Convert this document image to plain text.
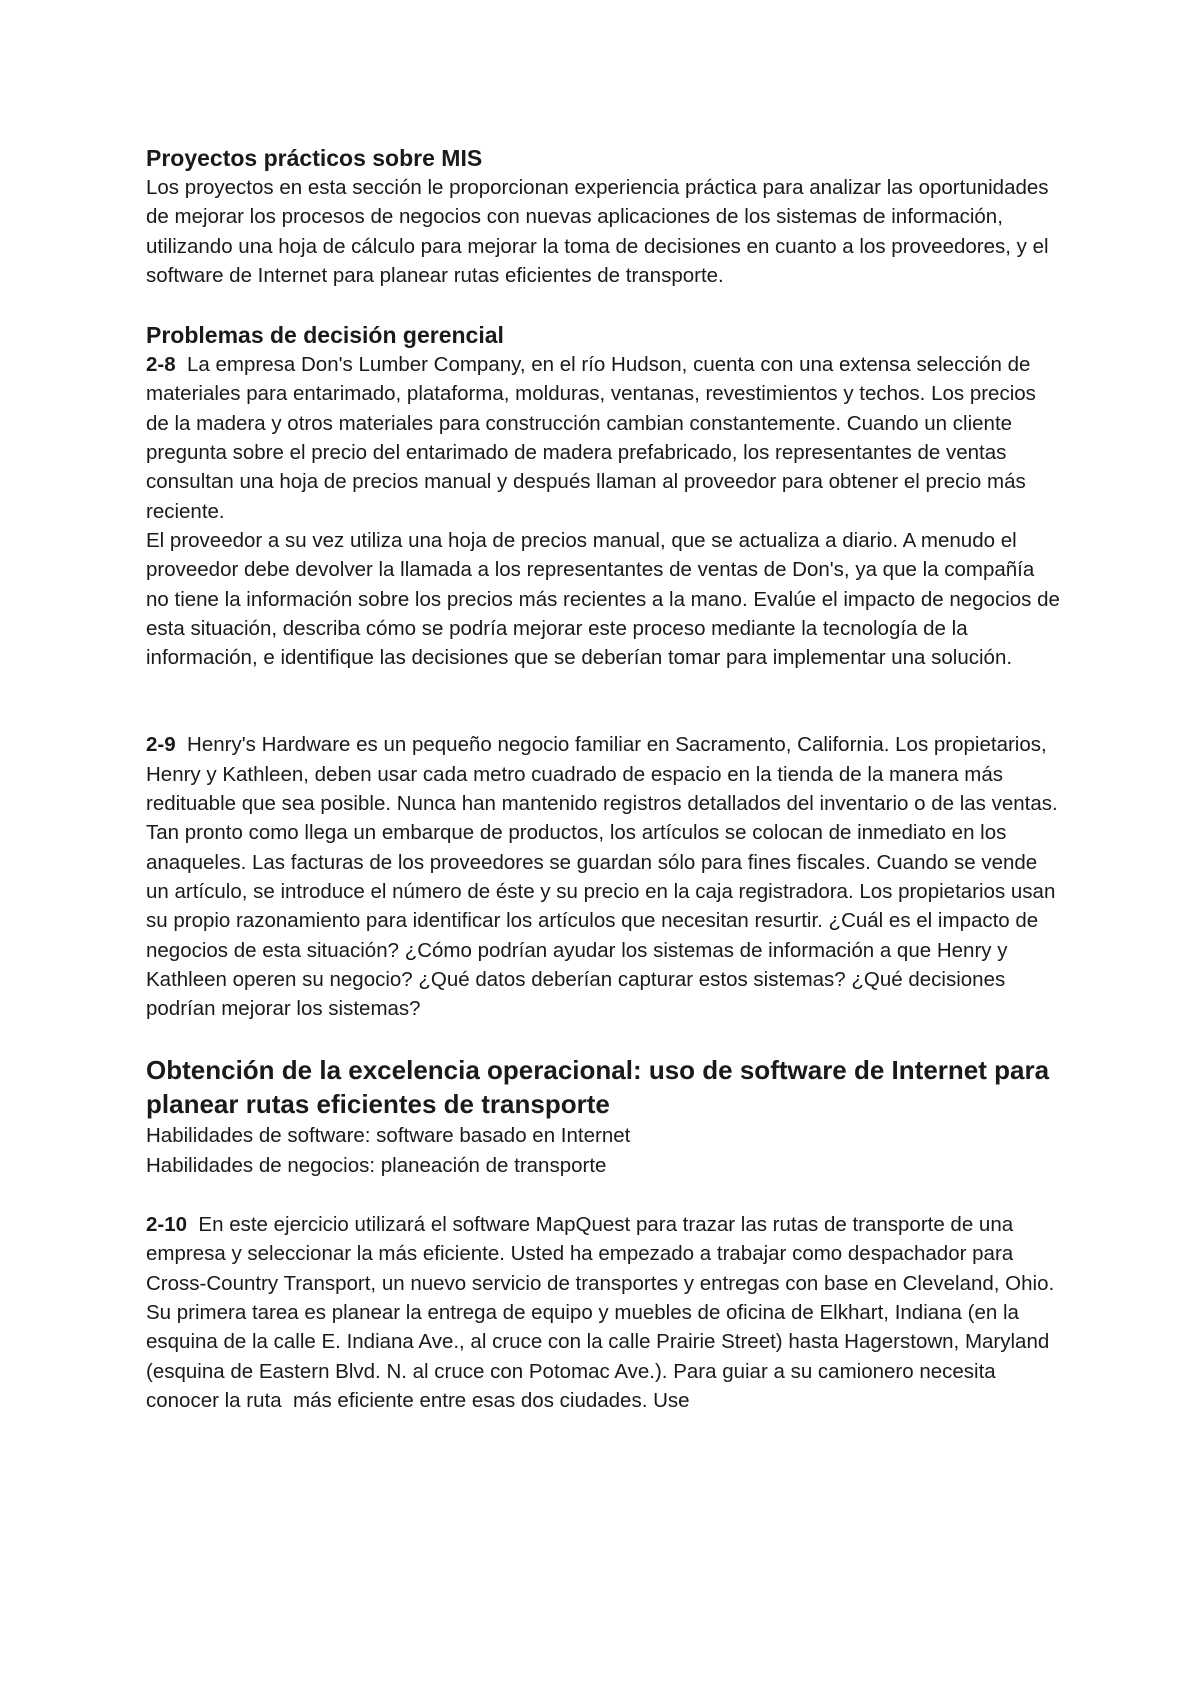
Proyectos prácticos sobre MIS

Los proyectos en esta sección le proporcionan experiencia práctica para analizar las oportunidades de mejorar los procesos de negocios con nuevas aplicaciones de los sistemas de información, utilizando una hoja de cálculo para mejorar la toma de decisiones en cuanto a los proveedores, y el software de Internet para planear rutas eficientes de transporte.

Problemas de decisión gerencial

2-8  La empresa Don's Lumber Company, en el río Hudson, cuenta con una extensa selección de materiales para entarimado, plataforma, molduras, ventanas, revestimientos y techos. Los precios de la madera y otros materiales para construcción cambian constantemente. Cuando un cliente pregunta sobre el precio del entarimado de madera prefabricado, los representantes de ventas consultan una hoja de precios manual y después llaman al proveedor para obtener el precio más reciente.

El proveedor a su vez utiliza una hoja de precios manual, que se actualiza a diario. A menudo el proveedor debe devolver la llamada a los representantes de ventas de Don's, ya que la compañía no tiene la información sobre los precios más recientes a la mano. Evalúe el impacto de negocios de esta situación, describa cómo se podría mejorar este proceso mediante la tecnología de la información, e identifique las decisiones que se deberían tomar para implementar una solución.

2-9  Henry's Hardware es un pequeño negocio familiar en Sacramento, California. Los propietarios, Henry y Kathleen, deben usar cada metro cuadrado de espacio en la tienda de la manera más redituable que sea posible. Nunca han mantenido registros detallados del inventario o de las ventas. Tan pronto como llega un embarque de productos, los artículos se colocan de inmediato en los anaqueles. Las facturas de los proveedores se guardan sólo para fines fiscales. Cuando se vende un artículo, se introduce el número de éste y su precio en la caja registradora. Los propietarios usan su propio razonamiento para identificar los artículos que necesitan resurtir. ¿Cuál es el impacto de negocios de esta situación? ¿Cómo podrían ayudar los sistemas de información a que Henry y Kathleen operen su negocio? ¿Qué datos deberían capturar estos sistemas? ¿Qué decisiones podrían mejorar los sistemas?

Obtención de la excelencia operacional: uso de software de Internet para planear rutas eficientes de transporte

Habilidades de software: software basado en Internet

Habilidades de negocios: planeación de transporte

2-10  En este ejercicio utilizará el software MapQuest para trazar las rutas de transporte de una empresa y seleccionar la más eficiente. Usted ha empezado a trabajar como despachador para Cross-Country Transport, un nuevo servicio de transportes y entregas con base en Cleveland, Ohio. Su primera tarea es planear la entrega de equipo y muebles de oficina de Elkhart, Indiana (en la esquina de la calle E. Indiana Ave., al cruce con la calle Prairie Street) hasta Hagerstown, Maryland (esquina de Eastern Blvd. N. al cruce con Potomac Ave.). Para guiar a su camionero necesita conocer la ruta  más eficiente entre esas dos ciudades. Use
